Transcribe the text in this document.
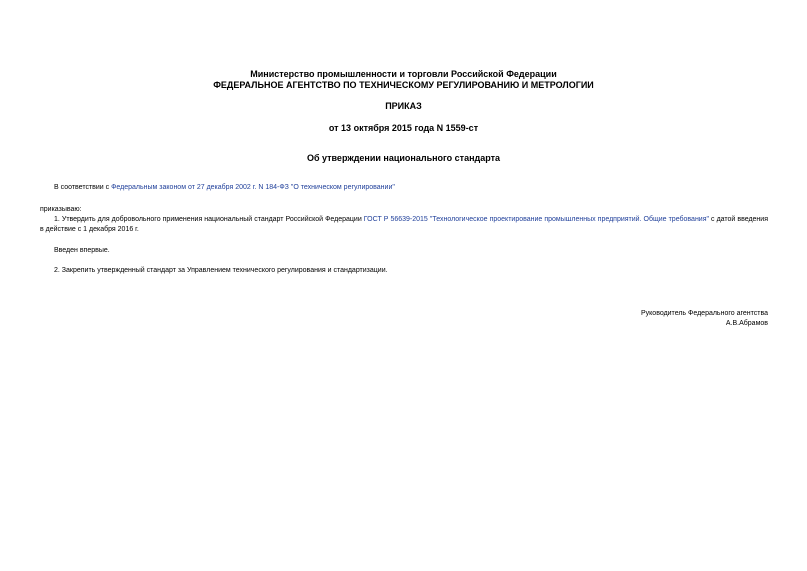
Министерство промышленности и торговли Российской Федерации
ФЕДЕРАЛЬНОЕ АГЕНТСТВО ПО ТЕХНИЧЕСКОМУ РЕГУЛИРОВАНИЮ И МЕТРОЛОГИИ
ПРИКАЗ
от 13 октября 2015 года N 1559-ст
Об утверждении национального стандарта
В соответствии с Федеральным законом от 27 декабря 2002 г. N 184-ФЗ "О техническом регулировании"
приказываю:
1. Утвердить для добровольного применения национальный стандарт Российской Федерации ГОСТ Р 56639-2015 "Технологическое проектирование промышленных предприятий. Общие требования" с датой введения в действие с 1 декабря 2016 г.
Введен впервые.
2. Закрепить утвержденный стандарт за Управлением технического регулирования и стандартизации.
Руководитель Федерального агентства
А.В.Абрамов
